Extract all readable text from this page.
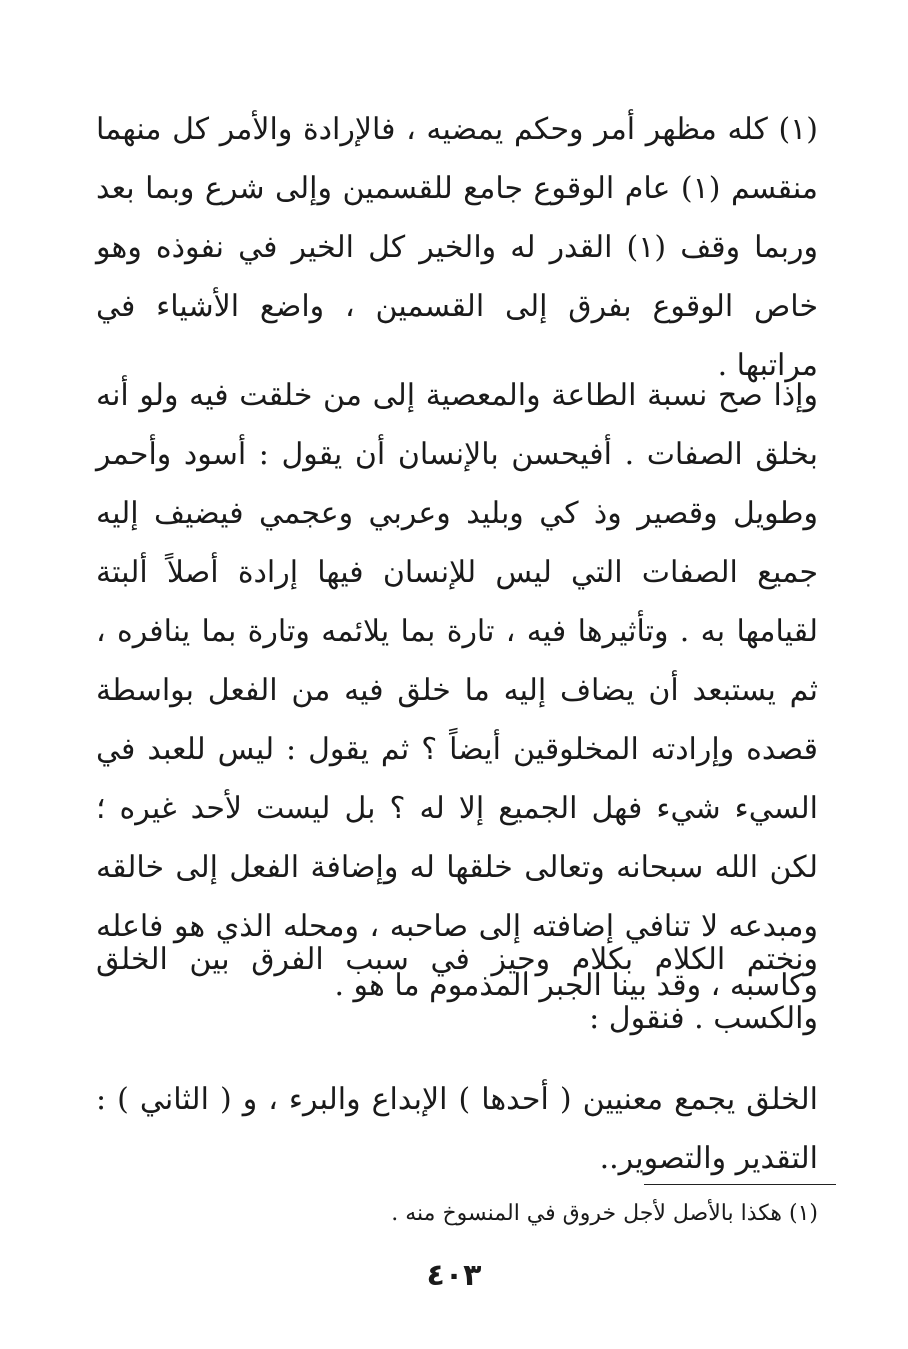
(١) كله مظهر أمر وحكم يمضيه ، فالإرادة والأمر كل منهما منقسم (١) عام الوقوع جامع للقسمين وإلى شرع وبما بعد وربما وقف (١) القدر له والخير كل الخير في نفوذه وهو خاص الوقوع بفرق إلى القسمين ، واضع الأشياء في مراتبها .

وإذا صح نسبة الطاعة والمعصية إلى من خلقت فيه ولو أنه بخلق الصفات . أفيحسن بالإنسان أن يقول : أسود وأحمر وطويل وقصير وذ كي وبليد وعربي وعجمي فيضيف إليه جميع الصفات التي ليس للإنسان فيها إرادة أصلاً ألبتة لقيامها به . وتأثيرها فيه ، تارة بما يلائمه وتارة بما ينافره ، ثم يستبعد أن يضاف إليه ما خلق فيه من الفعل بواسطة قصده وإرادته المخلوقين أيضاً ؟ ثم يقول : ليس للعبد في السيء شيء فهل الجميع إلا له ؟ بل ليست لأحد غيره ؛ لكن الله سبحانه وتعالى خلقها له وإضافة الفعل إلى خالقه ومبدعه لا تنافي إضافته إلى صاحبه ، ومحله الذي هو فاعله وكاسبه ، وقد بينا الجبر المذموم ما هو .

ونختم الكلام بكلام وجيز في سبب الفرق بين الخلق والكسب . فنقول :

الخلق يجمع معنيين ( أحدها ) الإبداع والبرء ، و ( الثاني ) : التقدير والتصوير..

(١) هكذا بالأصل لأجل خروق في المنسوخ منه .

٤٠٣
